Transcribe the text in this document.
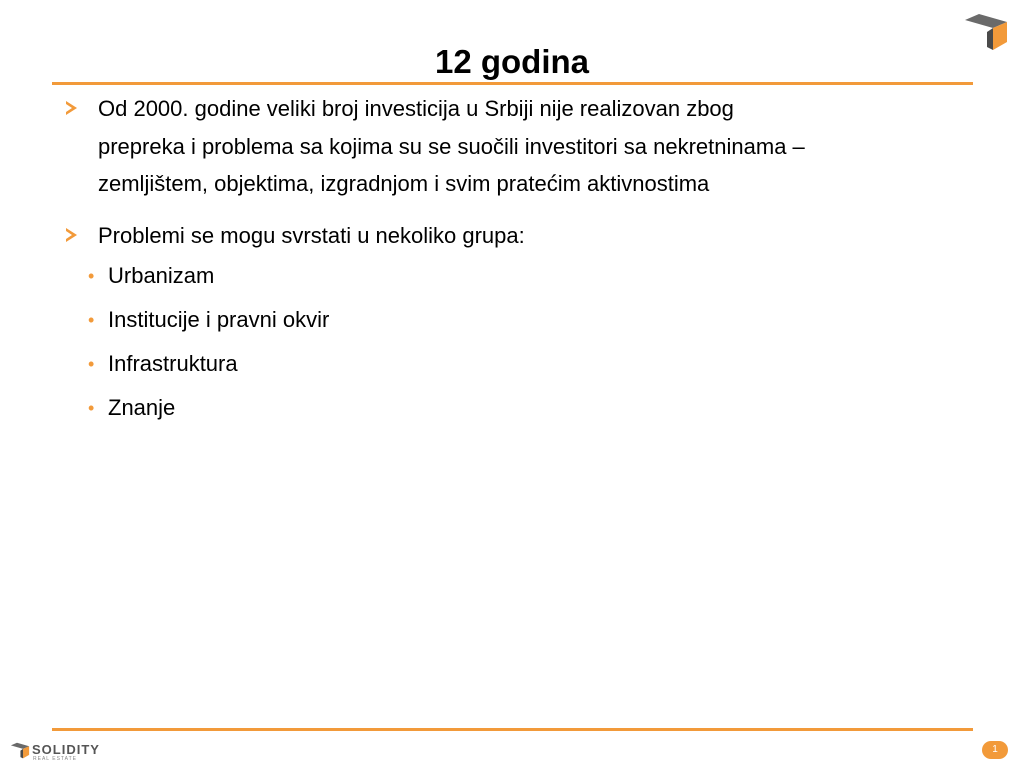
12 godina
Od 2000. godine veliki broj investicija u Srbiji nije realizovan zbog
prepreka i problema sa kojima su se suočili investitori sa nekretninama –
zemljištem, objektima, izgradnjom i svim pratećim aktivnostima
Problemi se mogu svrstati u nekoliko grupa:
• Urbanizam
• Institucije i pravni okvir
• Infrastruktura
• Znanje
SOLIDITY
REAL ESTATE
1
